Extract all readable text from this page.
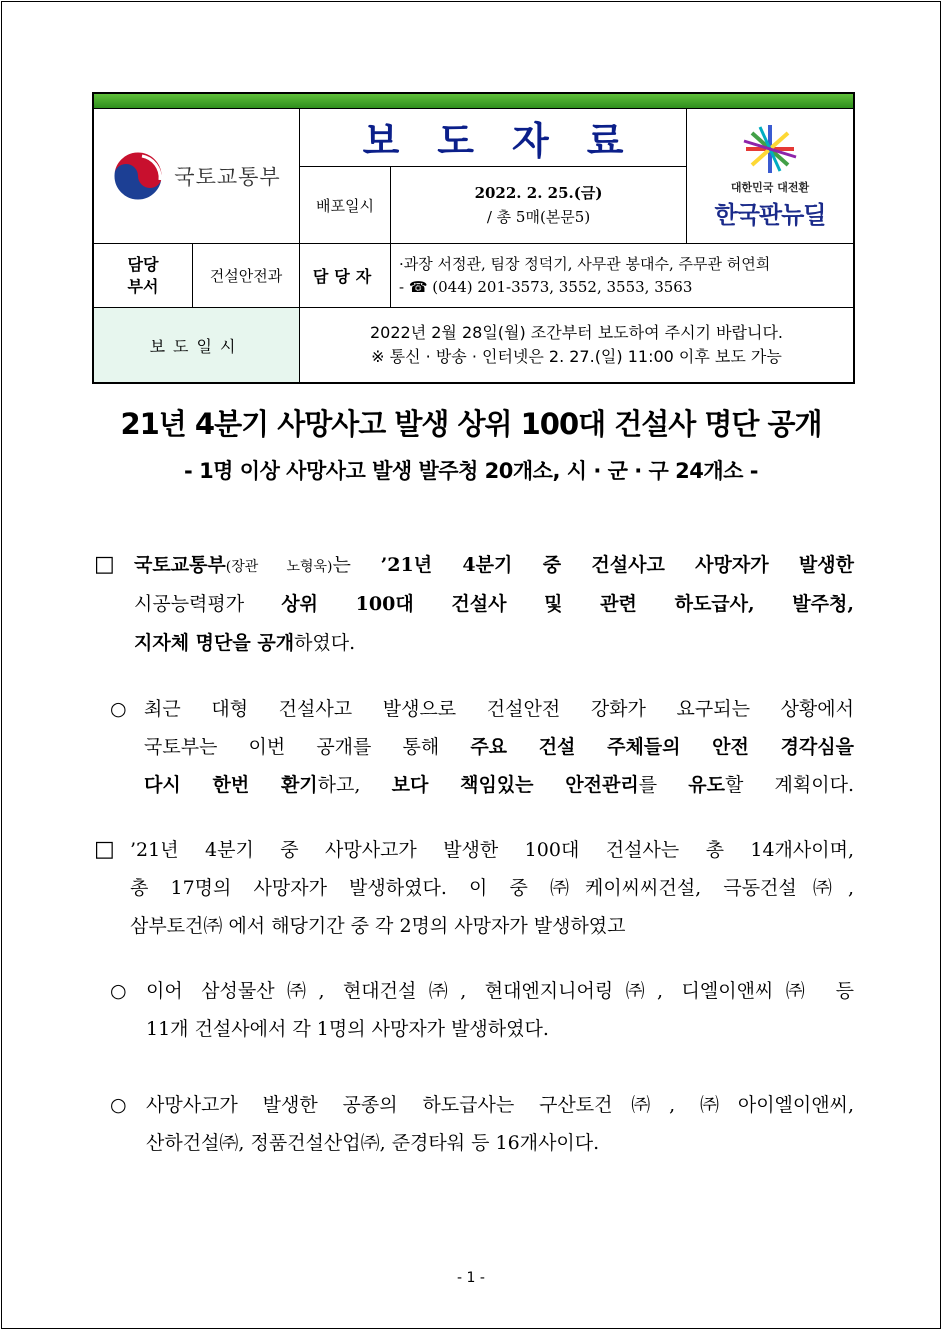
국토교통부
보도자료
배포일시
2022. 2. 25.(금)
/ 총 5매(본문5)
대한민국 대전환
한국판뉴딜
담당
부서
건설안전과	담당자
·과장 서정관, 팀장 정덕기, 사무관 봉대수, 주무관 허연희
- ☎ (044) 201-3573, 3552, 3553, 3563
보도일시
2022년 2월 28일(월) 조간부터 보도하여 주시기 바랍니다.
※ 통신 · 방송 · 인터넷은 2. 27.(일) 11:00 이후 보도 가능
21년 4분기 사망사고 발생 상위 100대 건설사 명단 공개
- 1명 이상 사망사고 발생 발주청 20개소, 시 · 군 · 구 24개소 -
□ 국토교통부(장관 노형욱)는 ’21년 4분기 중 건설사고 사망자가 발생한
시공능력평가 상위 100대 건설사 및 관련 하도급사, 발주청,
지자체 명단을 공개하였다.
○ 최근 대형 건설사고 발생으로 건설안전 강화가 요구되는 상황에서
국토부는 이번 공개를 통해 주요 건설 주체들의 안전 경각심을
다시 한번 환기하고, 보다 책임있는 안전관리를 유도할 계획이다.
□ ’21년 4분기 중 사망사고가 발생한 100대 건설사는 총 14개사이며,
총 17명의 사망자가 발생하였다. 이 중 ㈜케이씨씨건설, 극동건설㈜,
삼부토건㈜ 에서 해당기간 중 각 2명의 사망자가 발생하였고
○ 이어 삼성물산㈜, 현대건설㈜, 현대엔지니어링㈜, 디엘이앤씨㈜ 등
11개 건설사에서 각 1명의 사망자가 발생하였다.
○ 사망사고가 발생한 공종의 하도급사는 구산토건㈜, ㈜아이엘이앤씨,
산하건설㈜, 정품건설산업㈜, 준경타워 등 16개사이다.
- 1 -
